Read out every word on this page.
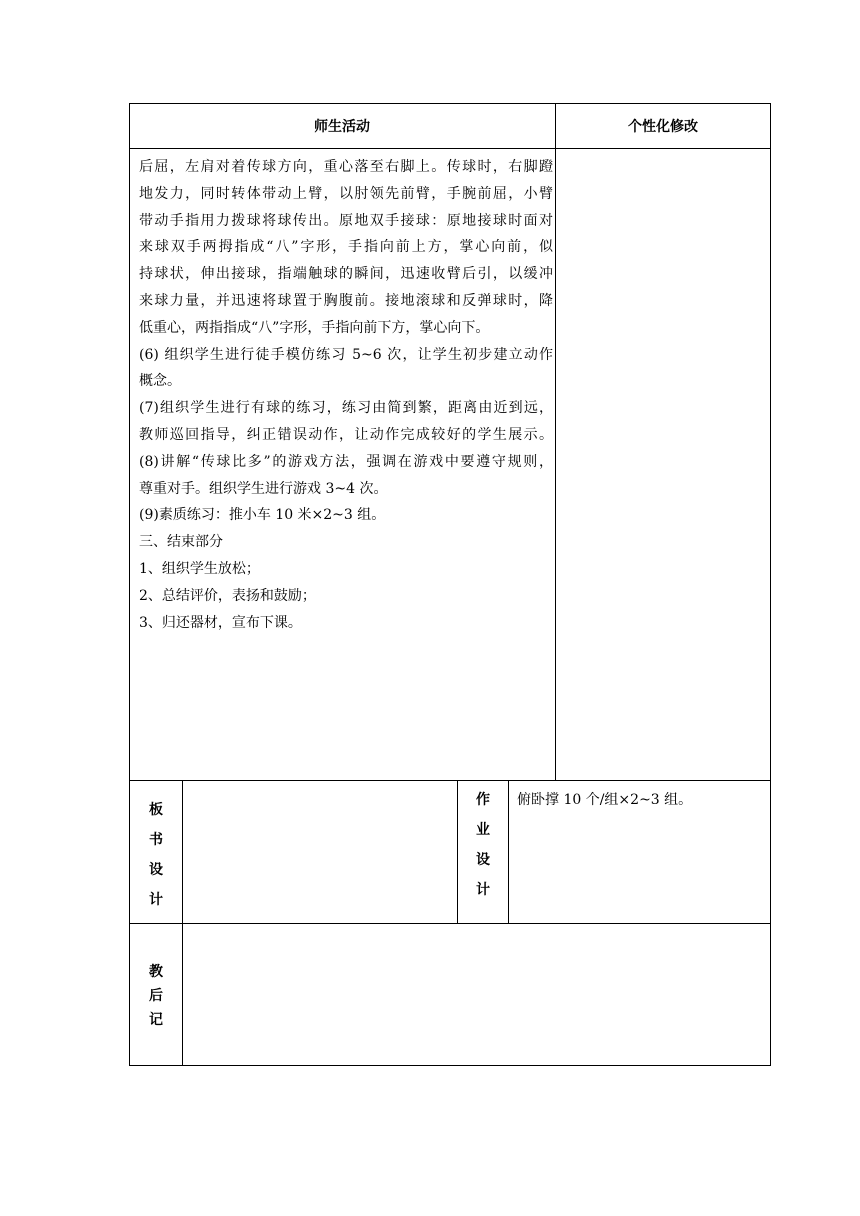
师生活动	个性化修改
后屈，左肩对着传球方向，重心落至右脚上。传球时，右脚蹬
地发力，同时转体带动上臂，以肘领先前臂，手腕前屈，小臂
带动手指用力拨球将球传出。原地双手接球：原地接球时面对
来球双手两拇指成“八”字形，手指向前上方，掌心向前，似
持球状，伸出接球，指端触球的瞬间，迅速收臂后引，以缓冲
来球力量，并迅速将球置于胸腹前。接地滚球和反弹球时，降
低重心，两指指成“八”字形，手指向前下方，掌心向下。
(6) 组织学生进行徒手模仿练习 5~6 次，让学生初步建立动作
概念。
(7)组织学生进行有球的练习，练习由简到繁，距离由近到远，
教师巡回指导，纠正错误动作，让动作完成较好的学生展示。
(8)讲解“传球比多”的游戏方法，强调在游戏中要遵守规则，
尊重对手。组织学生进行游戏 3~4 次。
(9)素质练习：推小车 10 米×2~3 组。
三、结束部分
1、组织学生放松；
2、总结评价，表扬和鼓励；
3、归还器材，宣布下课。
板
书
设
计
作
业
设
计
俯卧撑 10 个/组×2~3 组。
教
后
记
